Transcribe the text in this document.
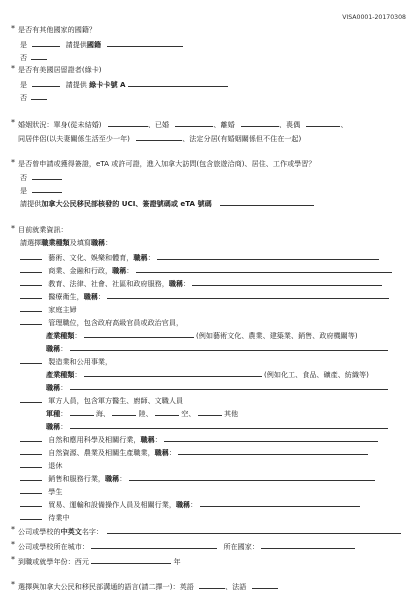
VISA0001-20170308
* 是否有其他國家的國籍？
是	請提供國籍
否
* 是否有美國居留證者(綠卡)
是	請提供 綠卡卡號 A
否
* 婚姻狀況：單身(從未結婚)	、已婚	、離婚	、喪偶	、
同居伴侶(以夫妻關係生活至少一年)	、法定分居(有婚姻關係但不住在一起)
* 是否曾申請或獲得簽證，eTA 或許可證，進入加拿大訪問(包含旅遊洽商)、居住、工作或學習？
否
是
請提供加拿大公民移民部核發的 UCI、簽證號碼或 eTA 號碼
* 目前就業資訊：
請選擇職業種類及填寫職稱：
藝術、文化、娛樂和體育，職稱：
商業、金融和行政，職稱：
教育、法律、社會、社區和政府服務，職稱：
醫療衛生，職稱：
家庭主婦
管理職位，包含政府高級官員或政治官員，
產業種類：	(例如藝術文化、農業、建築業、銷售、政府機關等)
職稱：
製造業和公用事業，
產業種類：	(例如化工、食品、礦產、紡織等)
職稱：
軍方人員，包含軍方醫生、廚師、文職人員
軍種：	海、	陸、	空、	其他
職稱：
自然和應用科學及相關行業，職稱：
自然資源、農業及相關生產職業，職稱：
退休
銷售和服務行業，職稱：
學生
貿易、運輸和設備操作人員及相關行業，職稱：
待業中
* 公司或學校的中英文名字：
* 公司或學校所在城市：	所在國家：
* 到職或就學年份：西元	年
* 選擇與加拿大公民和移民部溝通的語言(請二擇一)：英語	、法語
